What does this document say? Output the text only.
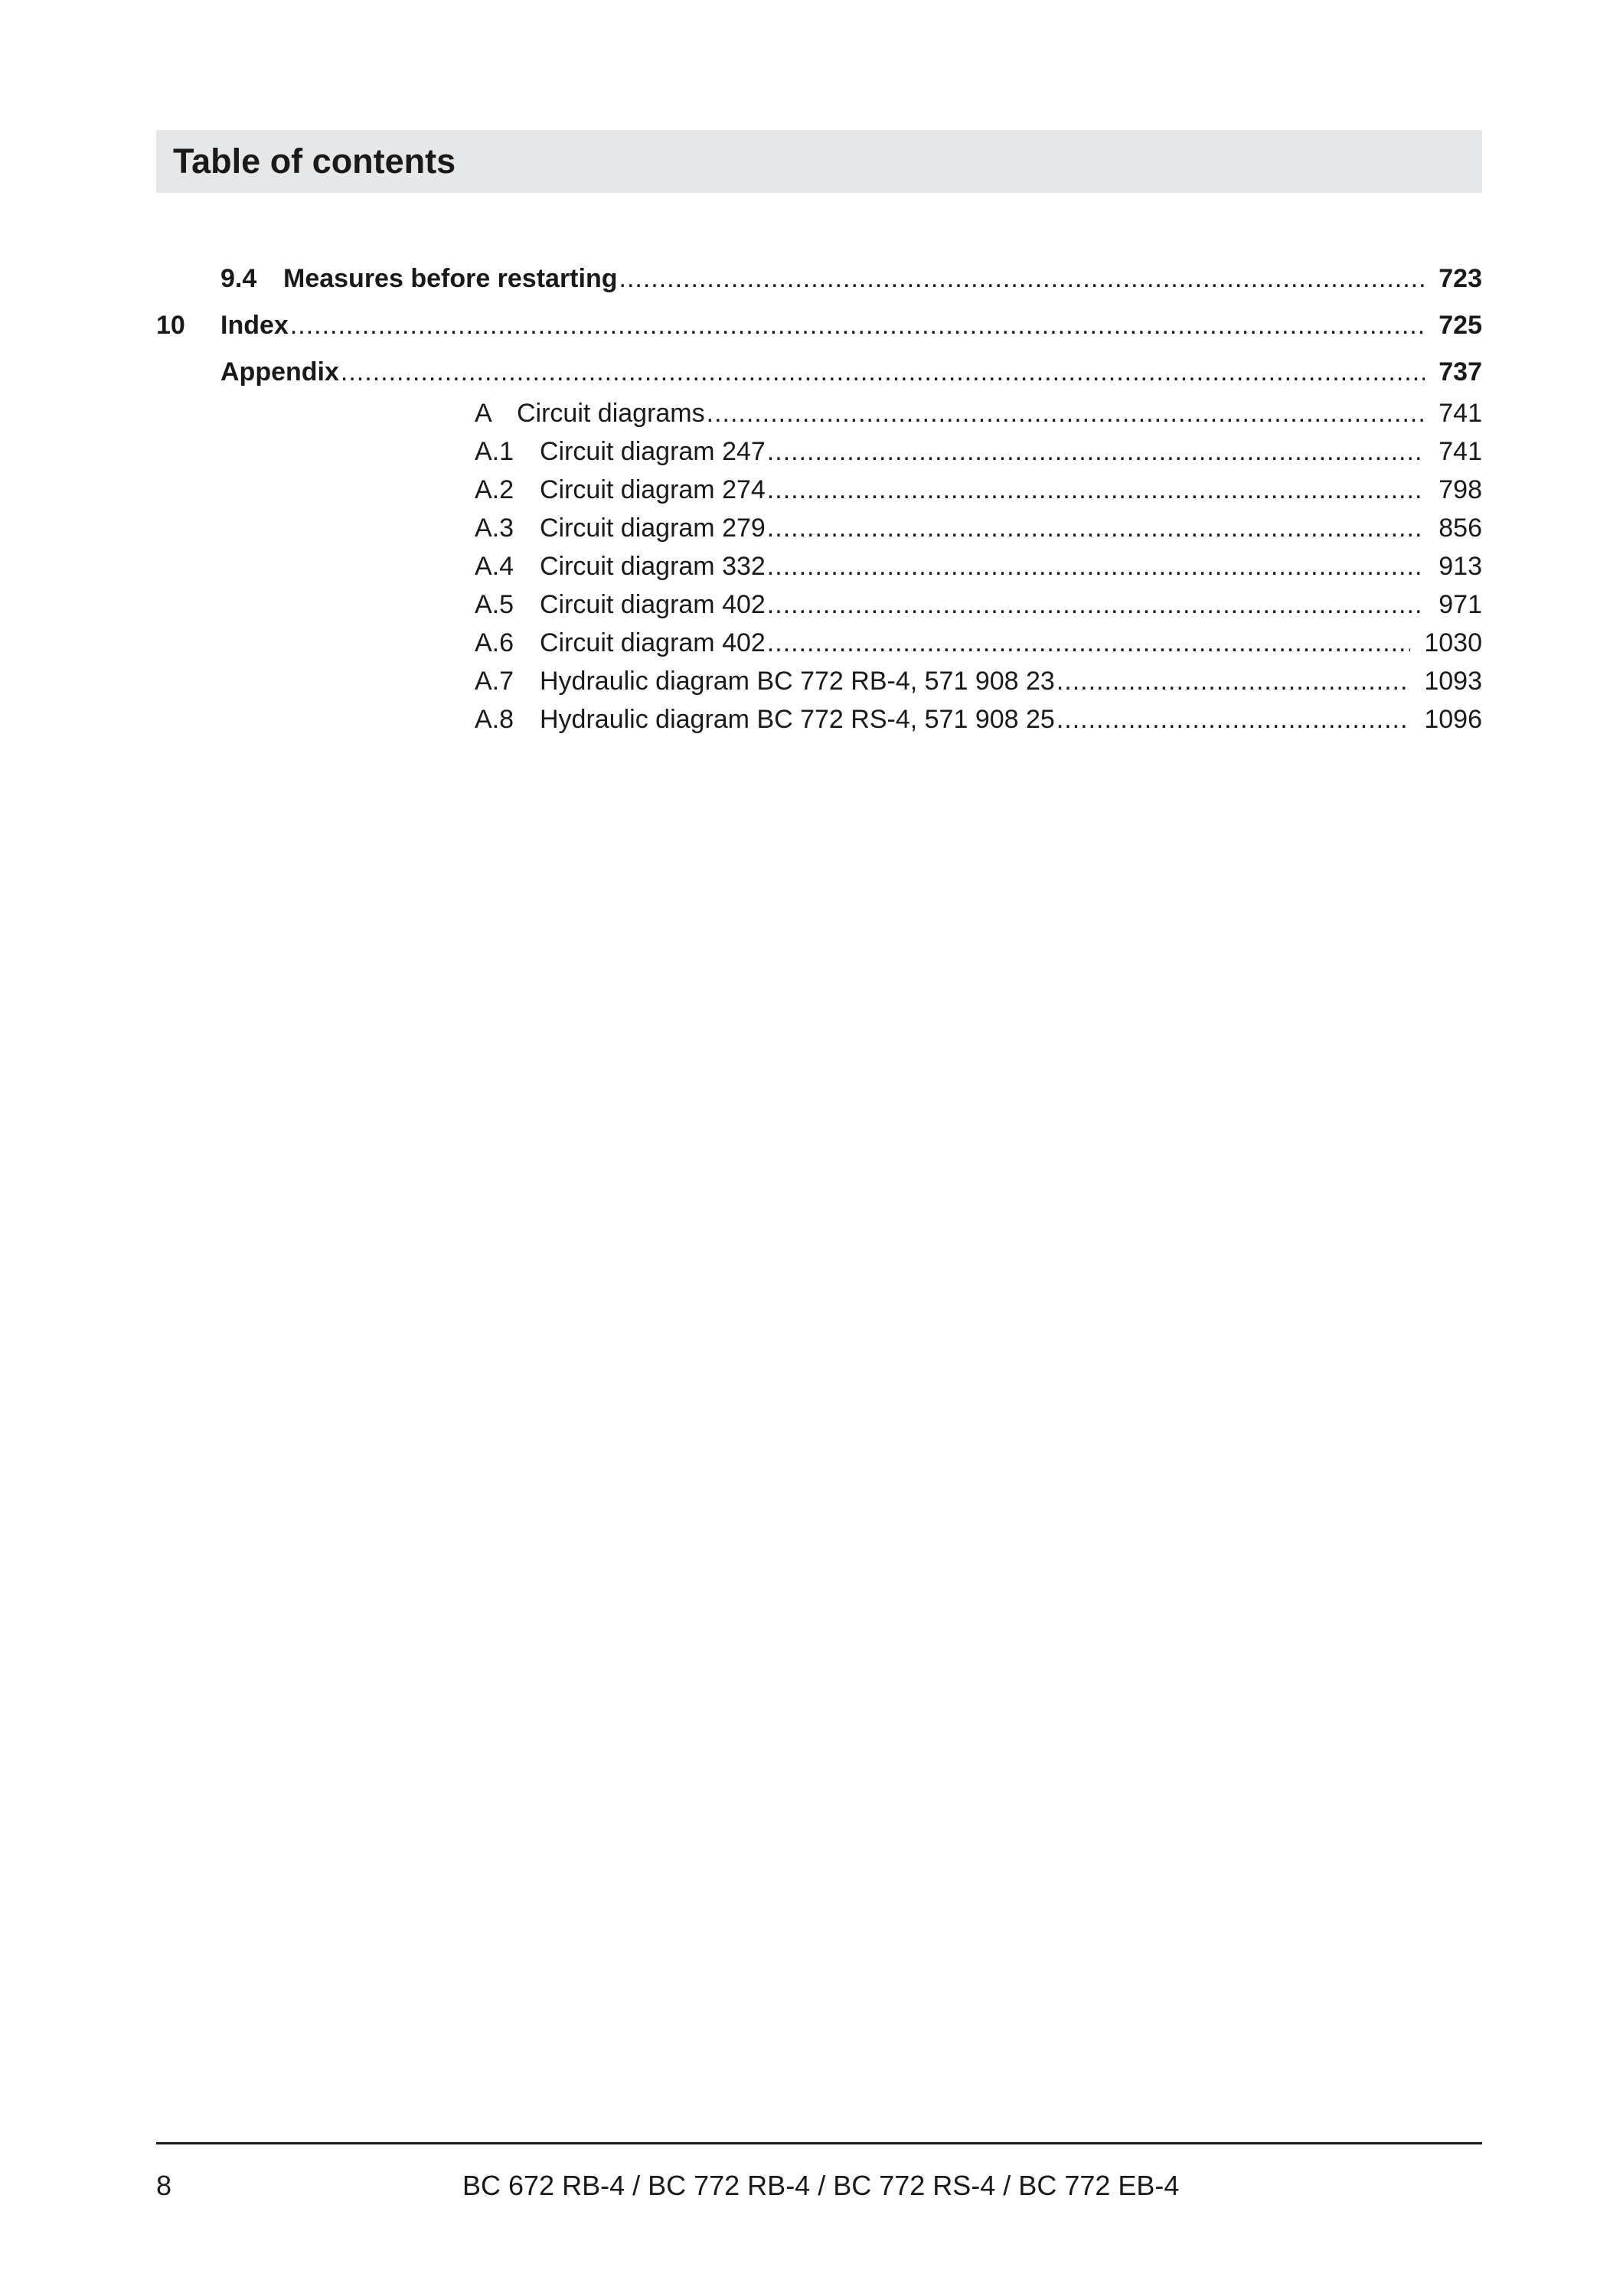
Table of contents
9.4	Measures before restarting .....	723
10	Index .....	725
Appendix .....	737
A Circuit diagrams .....	741
A.1 Circuit diagram 247 .....	741
A.2 Circuit diagram 274 .....	798
A.3 Circuit diagram 279 .....	856
A.4 Circuit diagram 332 .....	913
A.5 Circuit diagram 402 .....	971
A.6 Circuit diagram 402 .....	1030
A.7 Hydraulic diagram BC 772 RB-4, 571 908 23 .....	1093
A.8 Hydraulic diagram BC 772 RS-4, 571 908 25 .....	1096
8	BC 672 RB-4 / BC 772 RB-4 / BC 772 RS-4 / BC 772 EB-4
